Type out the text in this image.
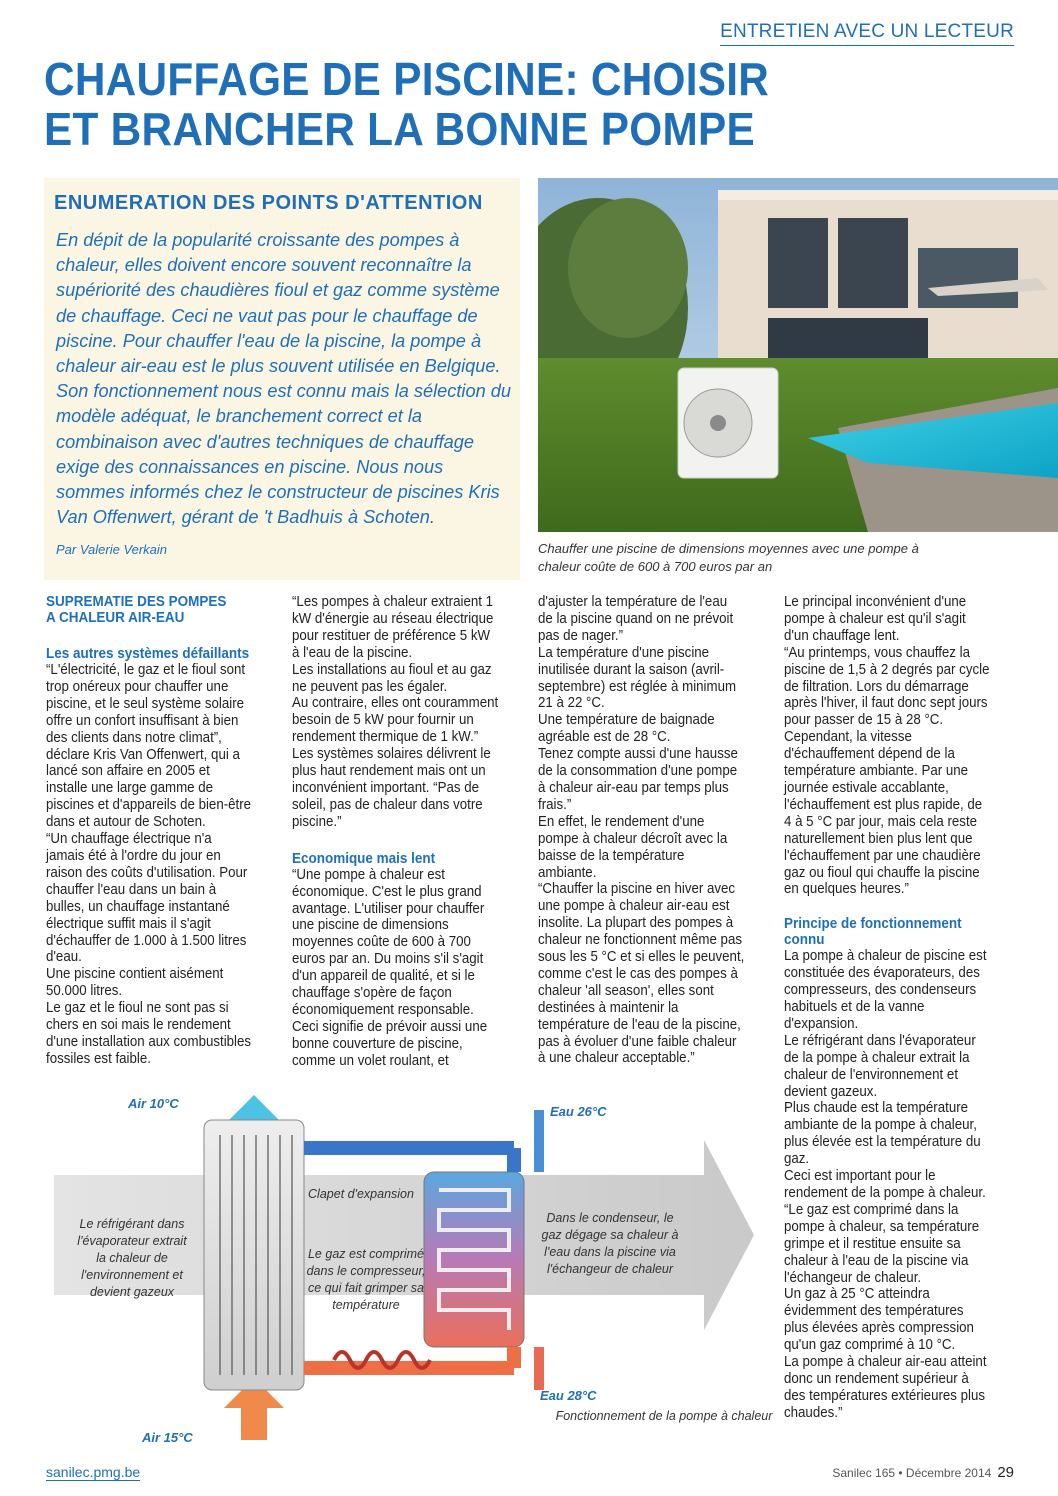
ENTRETIEN AVEC UN LECTEUR
CHAUFFAGE DE PISCINE: CHOISIR
ET BRANCHER LA BONNE POMPE
ENUMERATION DES POINTS D'ATTENTION
En dépit de la popularité croissante des pompes à chaleur, elles doivent encore souvent reconnaître la supériorité des chaudières fioul et gaz comme système de chauffage. Ceci ne vaut pas pour le chauffage de piscine. Pour chauffer l'eau de la piscine, la pompe à chaleur air-eau est le plus souvent utilisée en Belgique. Son fonctionnement nous est connu mais la sélection du modèle adéquat, le branchement correct et la combinaison avec d'autres techniques de chauffage exige des connaissances en piscine. Nous nous sommes informés chez le constructeur de piscines Kris Van Offenwert, gérant de 't Badhuis à Schoten.
Par Valerie Verkain	Chauffer une piscine de dimensions moyennes avec une pompe à chaleur coûte de 600 à 700 euros par an
SUPREMATIE DES POMPES
A CHALEUR AIR-EAU
Les autres systèmes défaillants

“L'électricité, le gaz et le fioul sont trop onéreux pour chauffer une piscine, et le seul système solaire offre un confort insuffisant à bien des clients dans notre climat”, déclare Kris Van Offenwert, qui a lancé son affaire en 2005 et installe une large gamme de piscines et d'appareils de bien-être dans et autour de Schoten.

“Un chauffage électrique n'a jamais été à l'ordre du jour en raison des coûts d'utilisation. Pour chauffer l'eau dans un bain à bulles, un chauffage instantané électrique suffit mais il s'agit d'échauffer de 1.000 à 1.500 litres d'eau.

Une piscine contient aisément 50.000 litres.

Le gaz et le fioul ne sont pas si chers en soi mais le rendement d'une installation aux combustibles fossiles est faible.

“Les pompes à chaleur extraient 1 kW d'énergie au réseau électrique pour restituer de préférence 5 kW à l'eau de la piscine.

Les installations au fioul et au gaz ne peuvent pas les égaler.

Au contraire, elles ont couramment besoin de 5 kW pour fournir un rendement thermique de 1 kW.”

Les systèmes solaires délivrent le plus haut rendement mais ont un inconvénient important. “Pas de soleil, pas de chaleur dans votre piscine.”

Economique mais lent

“Une pompe à chaleur est économique. C'est le plus grand avantage. L'utiliser pour chauffer une piscine de dimensions moyennes coûte de 600 à 700 euros par an. Du moins s'il s'agit d'un appareil de qualité, et si le chauffage s'opère de façon économiquement responsable. Ceci signifie de prévoir aussi une bonne couverture de piscine, comme un volet roulant, et

d'ajuster la température de l'eau de la piscine quand on ne prévoit pas de nager.”

La température d'une piscine inutilisée durant la saison (avril-septembre) est réglée à minimum 21 à 22 °C.

Une température de baignade agréable est de 28 °C.

Tenez compte aussi d'une hausse de la consommation d'une pompe à chaleur air-eau par temps plus frais.”

En effet, le rendement d'une pompe à chaleur décroît avec la baisse de la température ambiante.

“Chauffer la piscine en hiver avec une pompe à chaleur air-eau est insolite. La plupart des pompes à chaleur ne fonctionnent même pas sous les 5 °C et si elles le peuvent, comme c'est le cas des pompes à chaleur 'all season', elles sont destinées à maintenir la température de l'eau de la piscine, pas à évoluer d'une faible chaleur à une chaleur acceptable.”

Le principal inconvénient d'une pompe à chaleur est qu'il s'agit d'un chauffage lent.

“Au printemps, vous chauffez la piscine de 1,5 à 2 degrés par cycle de filtration. Lors du démarrage après l'hiver, il faut donc sept jours pour passer de 15 à 28 °C. Cependant, la vitesse d'échauffement dépend de la température ambiante. Par une journée estivale accablante, l'échauffement est plus rapide, de 4 à 5 °C par jour, mais cela reste naturellement bien plus lent que l'échauffement par une chaudière gaz ou fioul qui chauffe la piscine en quelques heures.”

Principe de fonctionnement
connu

La pompe à chaleur de piscine est constituée des évaporateurs, des compresseurs, des condenseurs habituels et de la vanne d'expansion.

Le réfrigérant dans l'évaporateur de la pompe à chaleur extrait la chaleur de l'environnement et devient gazeux.

Plus chaude est la température ambiante de la pompe à chaleur, plus élevée est la température du gaz.

Ceci est important pour le rendement de la pompe à chaleur.

“Le gaz est comprimé dans la pompe à chaleur, sa température grimpe et il restitue ensuite sa chaleur à l'eau de la piscine via l'échangeur de chaleur.

Un gaz à 25 °C atteindra évidemment des températures plus élevées après compression qu'un gaz comprimé à 10 °C.

La pompe à chaleur air-eau atteint donc un rendement supérieur à des températures extérieures plus chaudes.”

Air 10°C
Air 15°C
Eau 26°C
Eau 28°C
Le réfrigérant dans l'évaporateur extrait la chaleur de l'environnement et devient gazeux
Clapet d'expansion
Le gaz est comprimé dans le compresseur, ce qui fait grimper sa température
Dans le condenseur, le gaz dégage sa chaleur à l'eau dans la piscine via l'échangeur de chaleur
Fonctionnement de la pompe à chaleur
sanilec.pmg.be	Sanilec 165 • Décembre 2014 29
